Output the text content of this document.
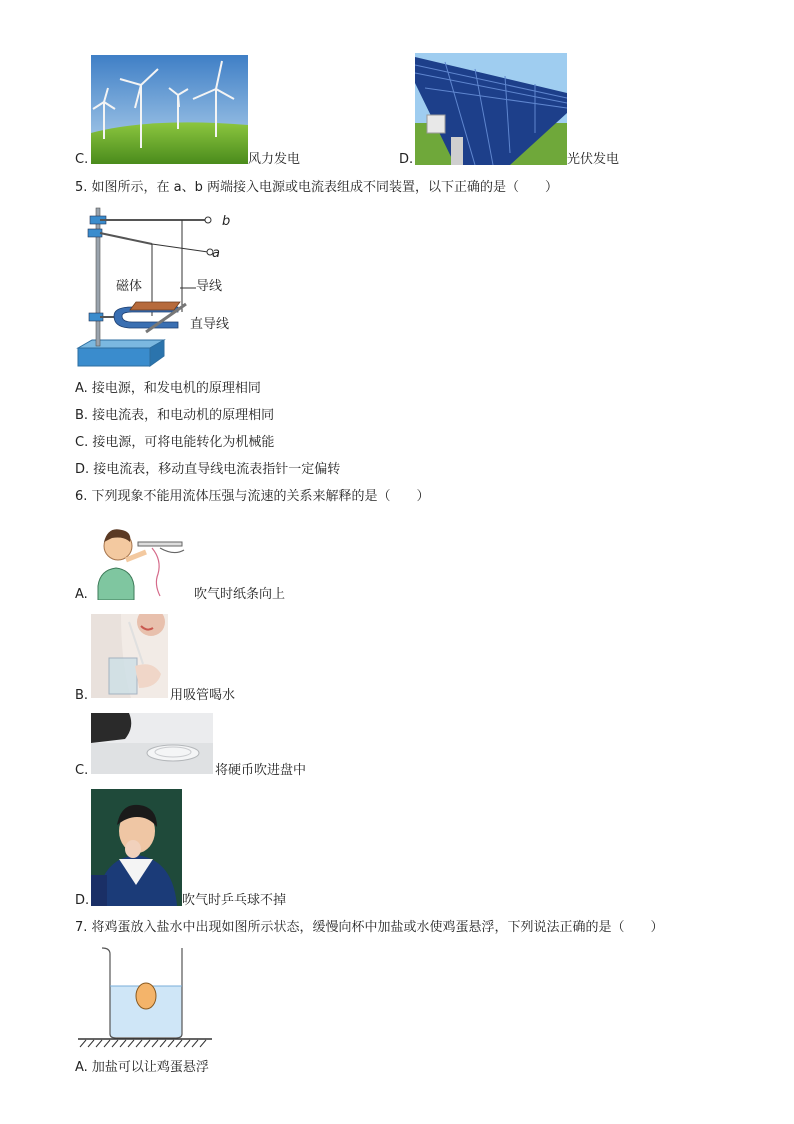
C.	风力发电	D.	光伏发电
5. 如图所示，在 a、b 两端接入电源或电流表组成不同装置，以下正确的是（　　）
b
a
磁体	导线
直导线
A. 接电源，和发电机的原理相同
B. 接电流表，和电动机的原理相同
C. 接电源，可将电能转化为机械能
D. 接电流表，移动直导线电流表指针一定偏转
6. 下列现象不能用流体压强与流速的关系来解释的是（　　）
A.	吹气时纸条向上
B.	用吸管喝水
C.	将硬币吹进盘中
D.	吹气时乒乓球不掉
7. 将鸡蛋放入盐水中出现如图所示状态，缓慢向杯中加盐或水使鸡蛋悬浮，下列说法正确的是（　　）
A. 加盐可以让鸡蛋悬浮
